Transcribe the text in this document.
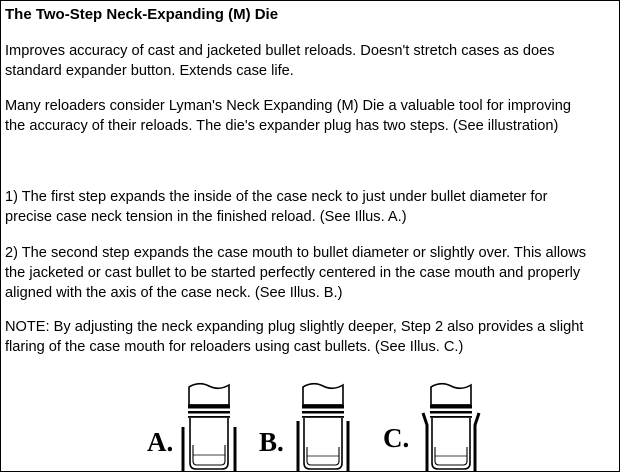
The Two-Step Neck-Expanding (M) Die

Improves accuracy of cast and jacketed bullet reloads. Doesn't stretch cases as does
standard expander button. Extends case life.

Many reloaders consider Lyman's Neck Expanding (M) Die a valuable tool for improving
the accuracy of their reloads. The die's expander plug has two steps. (See illustration)

1) The first step expands the inside of the case neck to just under bullet diameter for
precise case neck tension in the finished reload. (See Illus. A.)

2) The second step expands the case mouth to bullet diameter or slightly over. This allows
the jacketed or cast bullet to be started perfectly centered in the case mouth and properly
aligned with the axis of the case neck. (See Illus. B.)

NOTE: By adjusting the neck expanding plug slightly deeper, Step 2 also provides a slight
flaring of the case mouth for reloaders using cast bullets. (See Illus. C.)

A.	B.	C.
